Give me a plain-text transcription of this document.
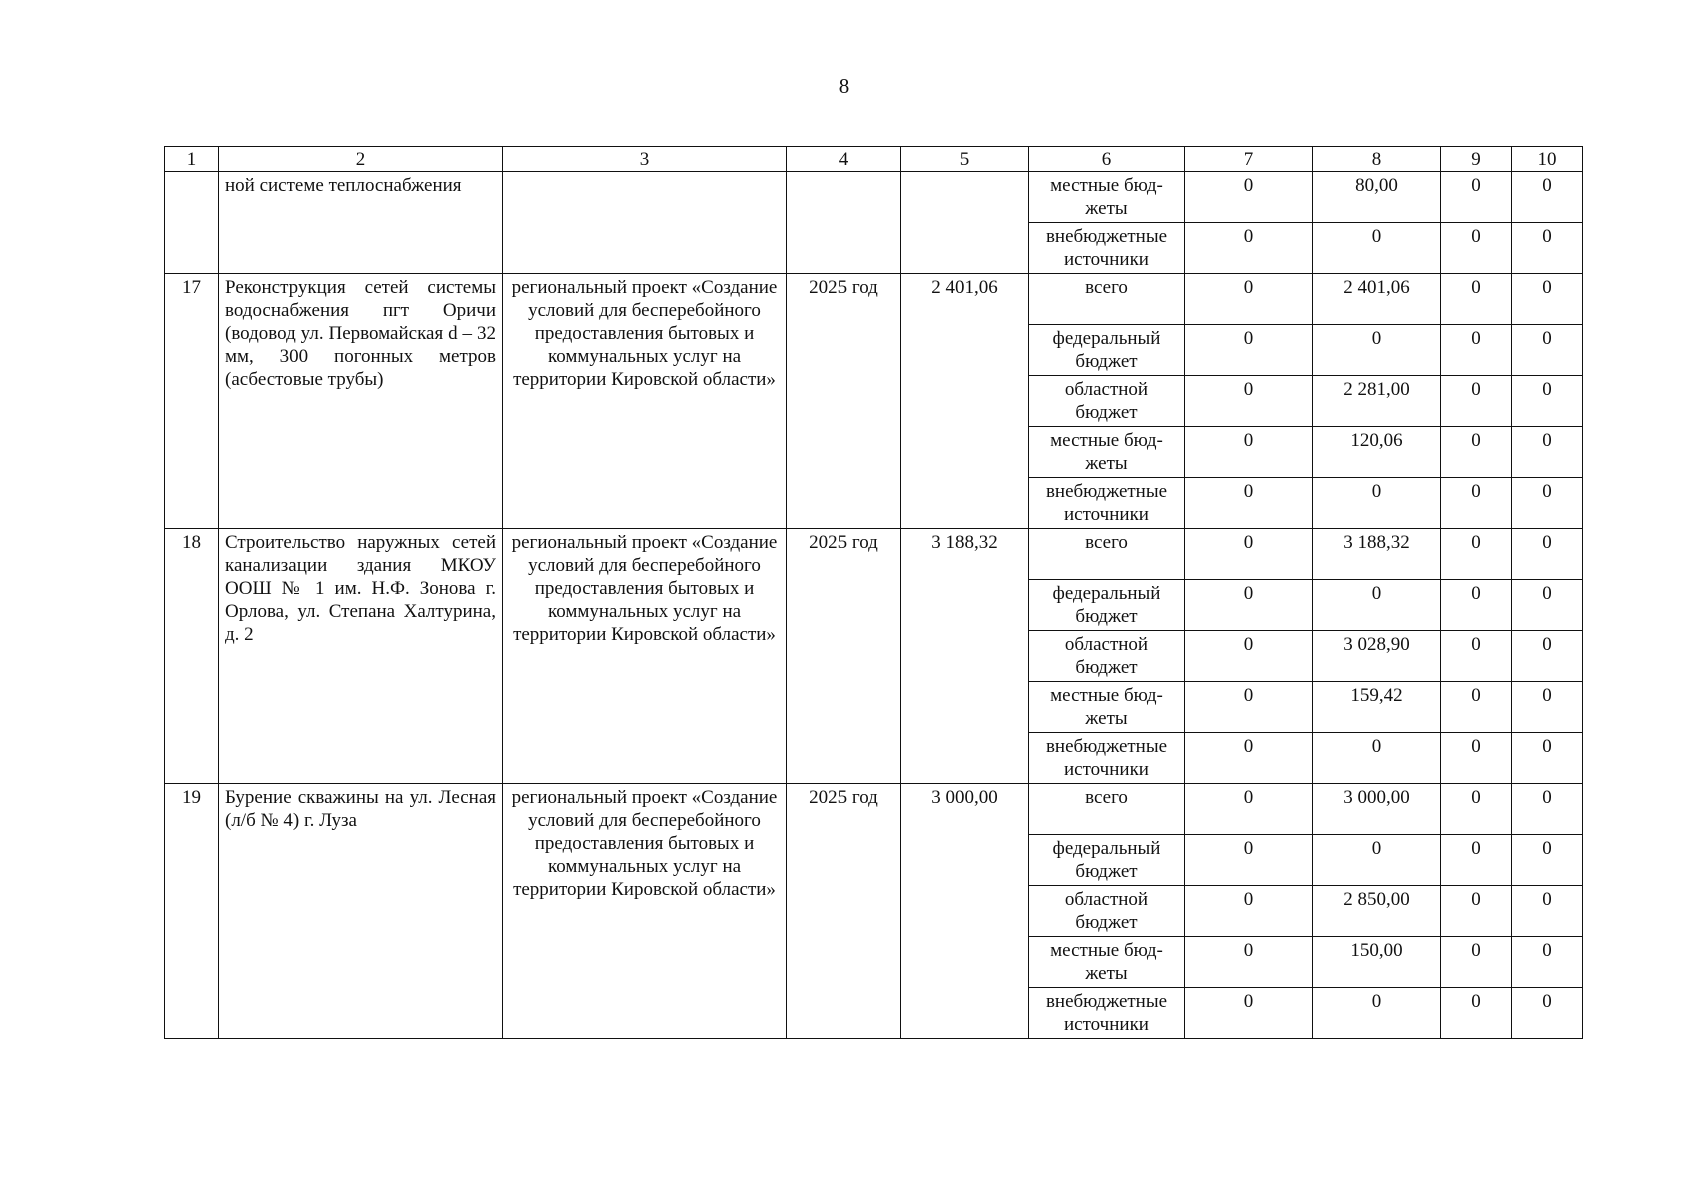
8
1	2	3	4	5	6	7	8	9	10
	ной системе теплоснабжения				местные бюд-жеты	0	80,00	0	0
					внебюджетные источники	0	0	0	0
17	Реконструкция сетей системы водоснабжения пгт Оричи (водовод ул. Первомайская d – 32 мм, 300 погонных метров (асбестовые трубы)	региональный проект «Создание условий для бесперебойного предоставления бытовых и коммунальных услуг на территории Кировской области»	2025 год	2 401,06	всего	0	2 401,06	0	0
					федеральный бюджет	0	0	0	0
					областной бюджет	0	2 281,00	0	0
					местные бюд-жеты	0	120,06	0	0
					внебюджетные источники	0	0	0	0
18	Строительство наружных сетей канализации здания МКОУ ООШ № 1 им. Н.Ф. Зонова г. Орлова, ул. Степана Халтурина, д. 2	региональный проект «Создание условий для бесперебойного предоставления бытовых и коммунальных услуг на территории Кировской области»	2025 год	3 188,32	всего	0	3 188,32	0	0
					федеральный бюджет	0	0	0	0
					областной бюджет	0	3 028,90	0	0
					местные бюд-жеты	0	159,42	0	0
					внебюджетные источники	0	0	0	0
19	Бурение скважины на ул. Лесная (л/б № 4) г. Луза	региональный проект «Создание условий для бесперебойного предоставления бытовых и коммунальных услуг на территории Кировской области»	2025 год	3 000,00	всего	0	3 000,00	0	0
					федеральный бюджет	0	0	0	0
					областной бюджет	0	2 850,00	0	0
					местные бюд-жеты	0	150,00	0	0
					внебюджетные источники	0	0	0	0
